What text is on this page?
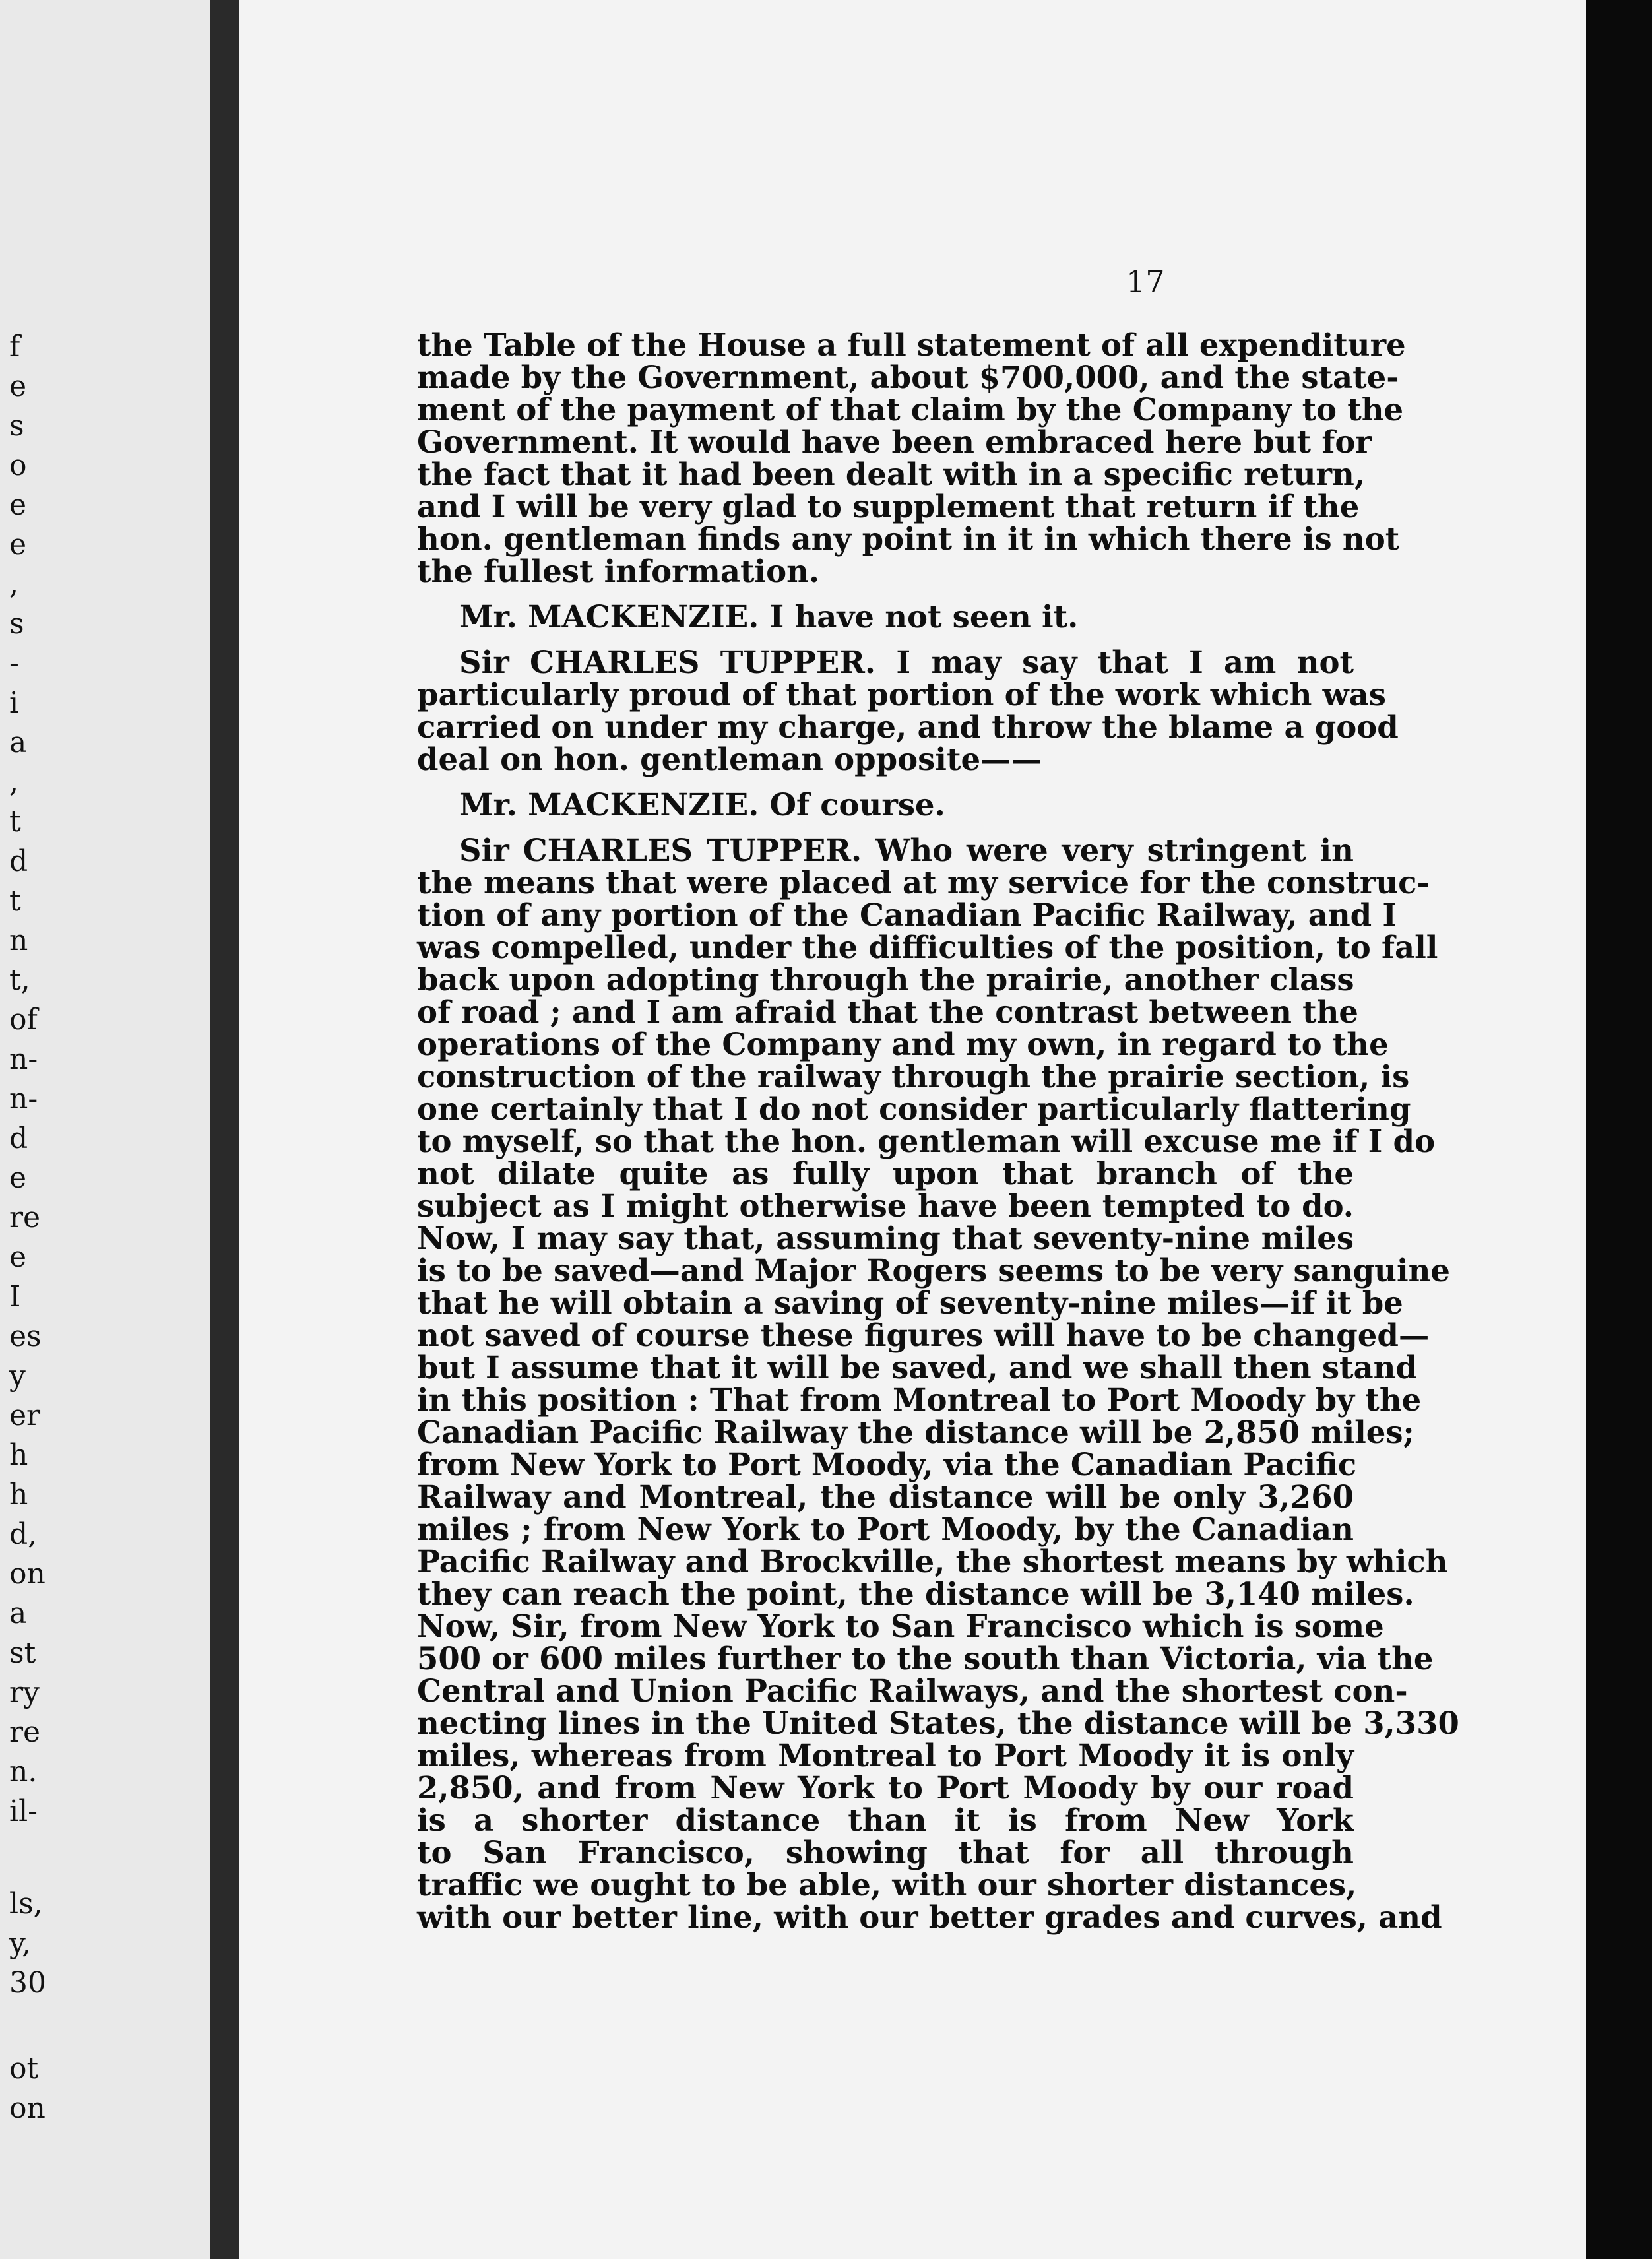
f
e
s
o
e
e
,
s
-
i
a
,
t
d
t
n
t,
of
n-
n-
d
e
re
e
I
es
y
er
h
h
d,
on
a
st
ry
re
n.
il-
ls,
y,
30
ot
on
17
the Table of the House a full statement of all expenditure
made by the Government, about $700,000, and the state-
ment of the payment of that claim by the Company to the
Government. It would have been embraced here but for
the fact that it had been dealt with in a specific return,
and I will be very glad to supplement that return if the
hon. gentleman finds any point in it in which there is not
the fullest information.
Mr. MACKENZIE. I have not seen it.
Sir CHARLES TUPPER. I may say that I am not
particularly proud of that portion of the work which was
carried on under my charge, and throw the blame a good
deal on hon. gentleman opposite——
Mr. MACKENZIE. Of course.
Sir CHARLES TUPPER. Who were very stringent in
the means that were placed at my service for the construc-
tion of any portion of the Canadian Pacific Railway, and I
was compelled, under the difficulties of the position, to fall
back upon adopting through the prairie, another class
of road ; and I am afraid that the contrast between the
operations of the Company and my own, in regard to the
construction of the railway through the prairie section, is
one certainly that I do not consider particularly flattering
to myself, so that the hon. gentleman will excuse me if I do
not dilate quite as fully upon that branch of the
subject as I might otherwise have been tempted to do.
Now, I may say that, assuming that seventy-nine miles
is to be saved—and Major Rogers seems to be very sanguine
that he will obtain a saving of seventy-nine miles—if it be
not saved of course these figures will have to be changed—
but I assume that it will be saved, and we shall then stand
in this position : That from Montreal to Port Moody by the
Canadian Pacific Railway the distance will be 2,850 miles;
from New York to Port Moody, via the Canadian Pacific
Railway and Montreal, the distance will be only 3,260
miles ; from New York to Port Moody, by the Canadian
Pacific Railway and Brockville, the shortest means by which
they can reach the point, the distance will be 3,140 miles.
Now, Sir, from New York to San Francisco which is some
500 or 600 miles further to the south than Victoria, via the
Central and Union Pacific Railways, and the shortest con-
necting lines in the United States, the distance will be 3,330
miles, whereas from Montreal to Port Moody it is only
2,850, and from New York to Port Moody by our road
is a shorter distance than it is from New York
to San Francisco, showing that for all through
traffic we ought to be able, with our shorter distances,
with our better line, with our better grades and curves, and
